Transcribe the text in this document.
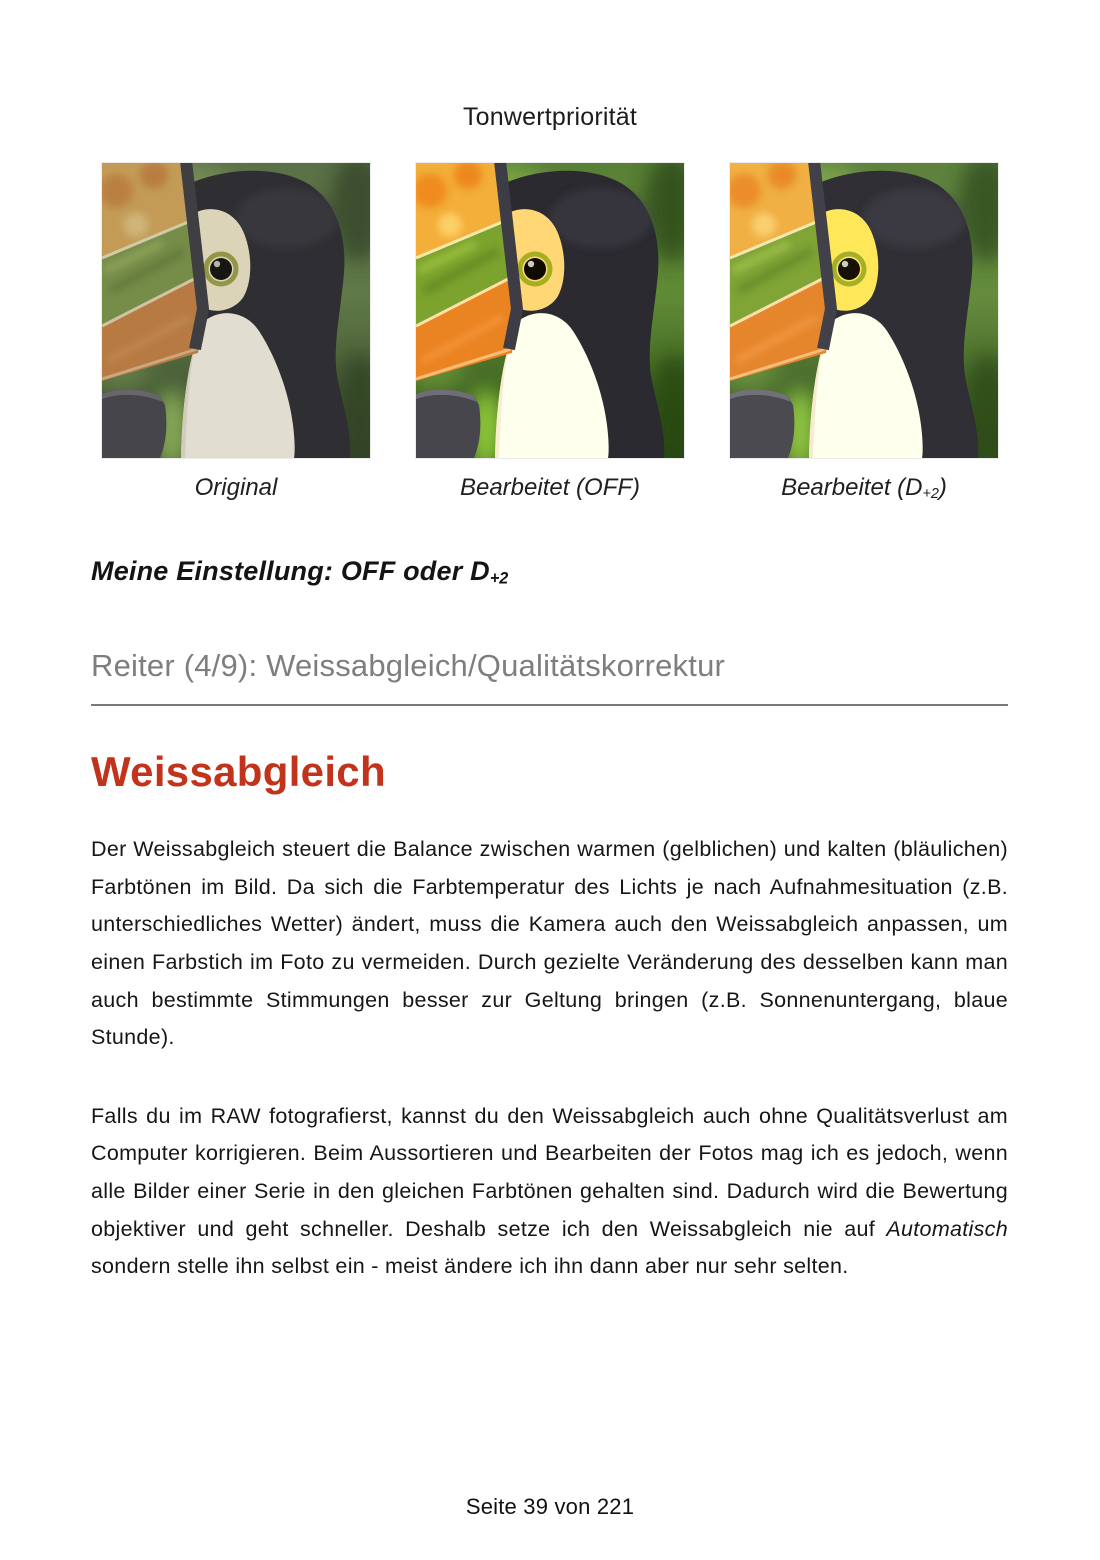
Tonwertpriorität
Original	Bearbeitet (OFF)	Bearbeitet $(D_{+2})$
Meine Einstellung: OFF oder $D_{+2}$
Reiter (4/9): Weissabgleich/Qualitätskorrektur
Weissabgleich

Der Weissabgleich steuert die Balance zwischen warmen (gelblichen) und kalten (bläulichen) Farbtönen im Bild. Da sich die Farbtemperatur des Lichts je nach Aufnahmesituation (z.B. unterschiedliches Wetter) ändert, muss die Kamera auch den Weissabgleich anpassen, um einen Farbstich im Foto zu vermeiden. Durch gezielte Veränderung des desselben kann man auch bestimmte Stimmungen besser zur Geltung bringen (z.B. Sonnenuntergang, blaue Stunde).

Falls du im RAW fotografierst, kannst du den Weissabgleich auch ohne Qualitätsverlust am Computer korrigieren. Beim Aussortieren und Bearbeiten der Fotos mag ich es jedoch, wenn alle Bilder einer Serie in den gleichen Farbtönen gehalten sind. Dadurch wird die Bewertung objektiver und geht schneller. Deshalb setze ich den Weissabgleich nie auf Automatisch sondern stelle ihn selbst ein - meist ändere ich ihn dann aber nur sehr selten.

Seite 39 von 221
